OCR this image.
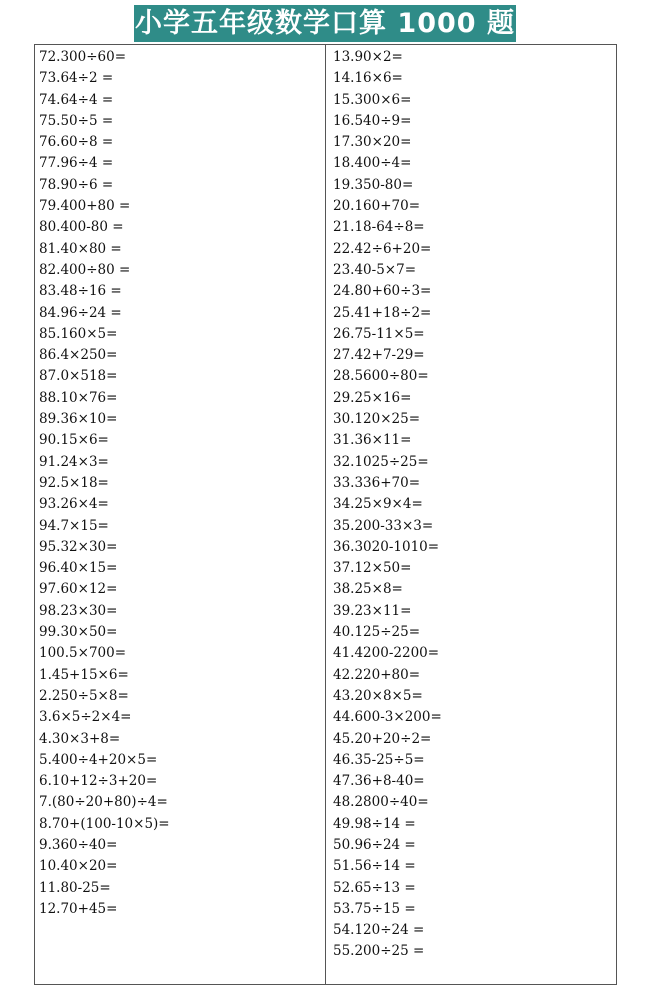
小学五年级数学口算 1000 题
72.300÷60=
73.64÷2 =
74.64÷4 =
75.50÷5 =
76.60÷8 =
77.96÷4 =
78.90÷6 =
79.400+80 =
80.400-80 =
81.40×80 =
82.400÷80 =
83.48÷16 =
84.96÷24 =
85.160×5=
86.4×250=
87.0×518=
88.10×76=
89.36×10=
90.15×6=
91.24×3=
92.5×18=
93.26×4=
94.7×15=
95.32×30=
96.40×15=
97.60×12=
98.23×30=
99.30×50=
100.5×700=
1.45+15×6=
2.250÷5×8=
3.6×5÷2×4=
4.30×3+8=
5.400÷4+20×5=
6.10+12÷3+20=
7.(80÷20+80)÷4=
8.70+(100-10×5)=
9.360÷40=
10.40×20=
11.80-25=
12.70+45=
13.90×2=
14.16×6=
15.300×6=
16.540÷9=
17.30×20=
18.400÷4=
19.350-80=
20.160+70=
21.18-64÷8=
22.42÷6+20=
23.40-5×7=
24.80+60÷3=
25.41+18÷2=
26.75-11×5=
27.42+7-29=
28.5600÷80=
29.25×16=
30.120×25=
31.36×11=
32.1025÷25=
33.336+70=
34.25×9×4=
35.200-33×3=
36.3020-1010=
37.12×50=
38.25×8=
39.23×11=
40.125÷25=
41.4200-2200=
42.220+80=
43.20×8×5=
44.600-3×200=
45.20+20÷2=
46.35-25÷5=
47.36+8-40=
48.2800÷40=
49.98÷14 =
50.96÷24 =
51.56÷14 =
52.65÷13 =
53.75÷15 =
54.120÷24 =
55.200÷25 =
